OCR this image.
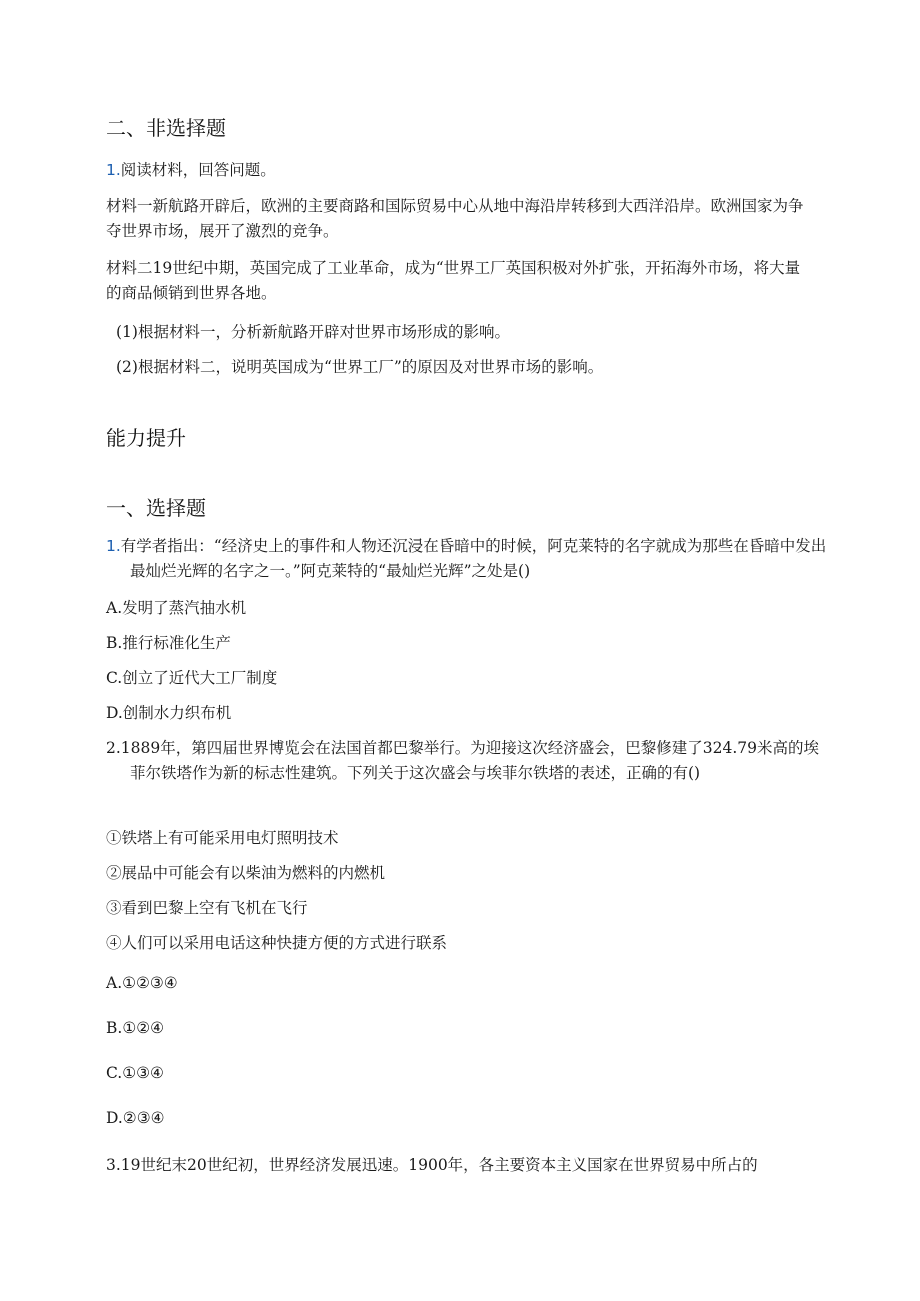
二、非选择题

1.阅读材料，回答问题。

材料一新航路开辟后，欧洲的主要商路和国际贸易中心从地中海沿岸转移到大西洋沿岸。欧洲国家为争夺世界市场，展开了激烈的竞争。

材料二19世纪中期，英国完成了工业革命，成为“世界工厂英国积极对外扩张，开拓海外市场，将大量的商品倾销到世界各地。

(1)根据材料一，分析新航路开辟对世界市场形成的影响。

(2)根据材料二，说明英国成为“世界工厂”的原因及对世界市场的影响。

能力提升
一、选择题

1.有学者指出：“经济史上的事件和人物还沉浸在昏暗中的时候，阿克莱特的名字就成为那些在昏暗中发出最灿烂光辉的名字之一。”阿克莱特的“最灿烂光辉”之处是()

A.发明了蒸汽抽水机

B.推行标准化生产

C.创立了近代大工厂制度

D.创制水力织布机

2.1889年，第四届世界博览会在法国首都巴黎举行。为迎接这次经济盛会，巴黎修建了324.79米高的埃菲尔铁塔作为新的标志性建筑。下列关于这次盛会与埃菲尔铁塔的表述，正确的有()

①铁塔上有可能采用电灯照明技术

②展品中可能会有以柴油为燃料的内燃机

③看到巴黎上空有飞机在飞行

④人们可以采用电话这种快捷方便的方式进行联系

A.①②③④

B.①②④

C.①③④

D.②③④

3.19世纪末20世纪初，世界经济发展迅速。1900年，各主要资本主义国家在世界贸易中所占的
